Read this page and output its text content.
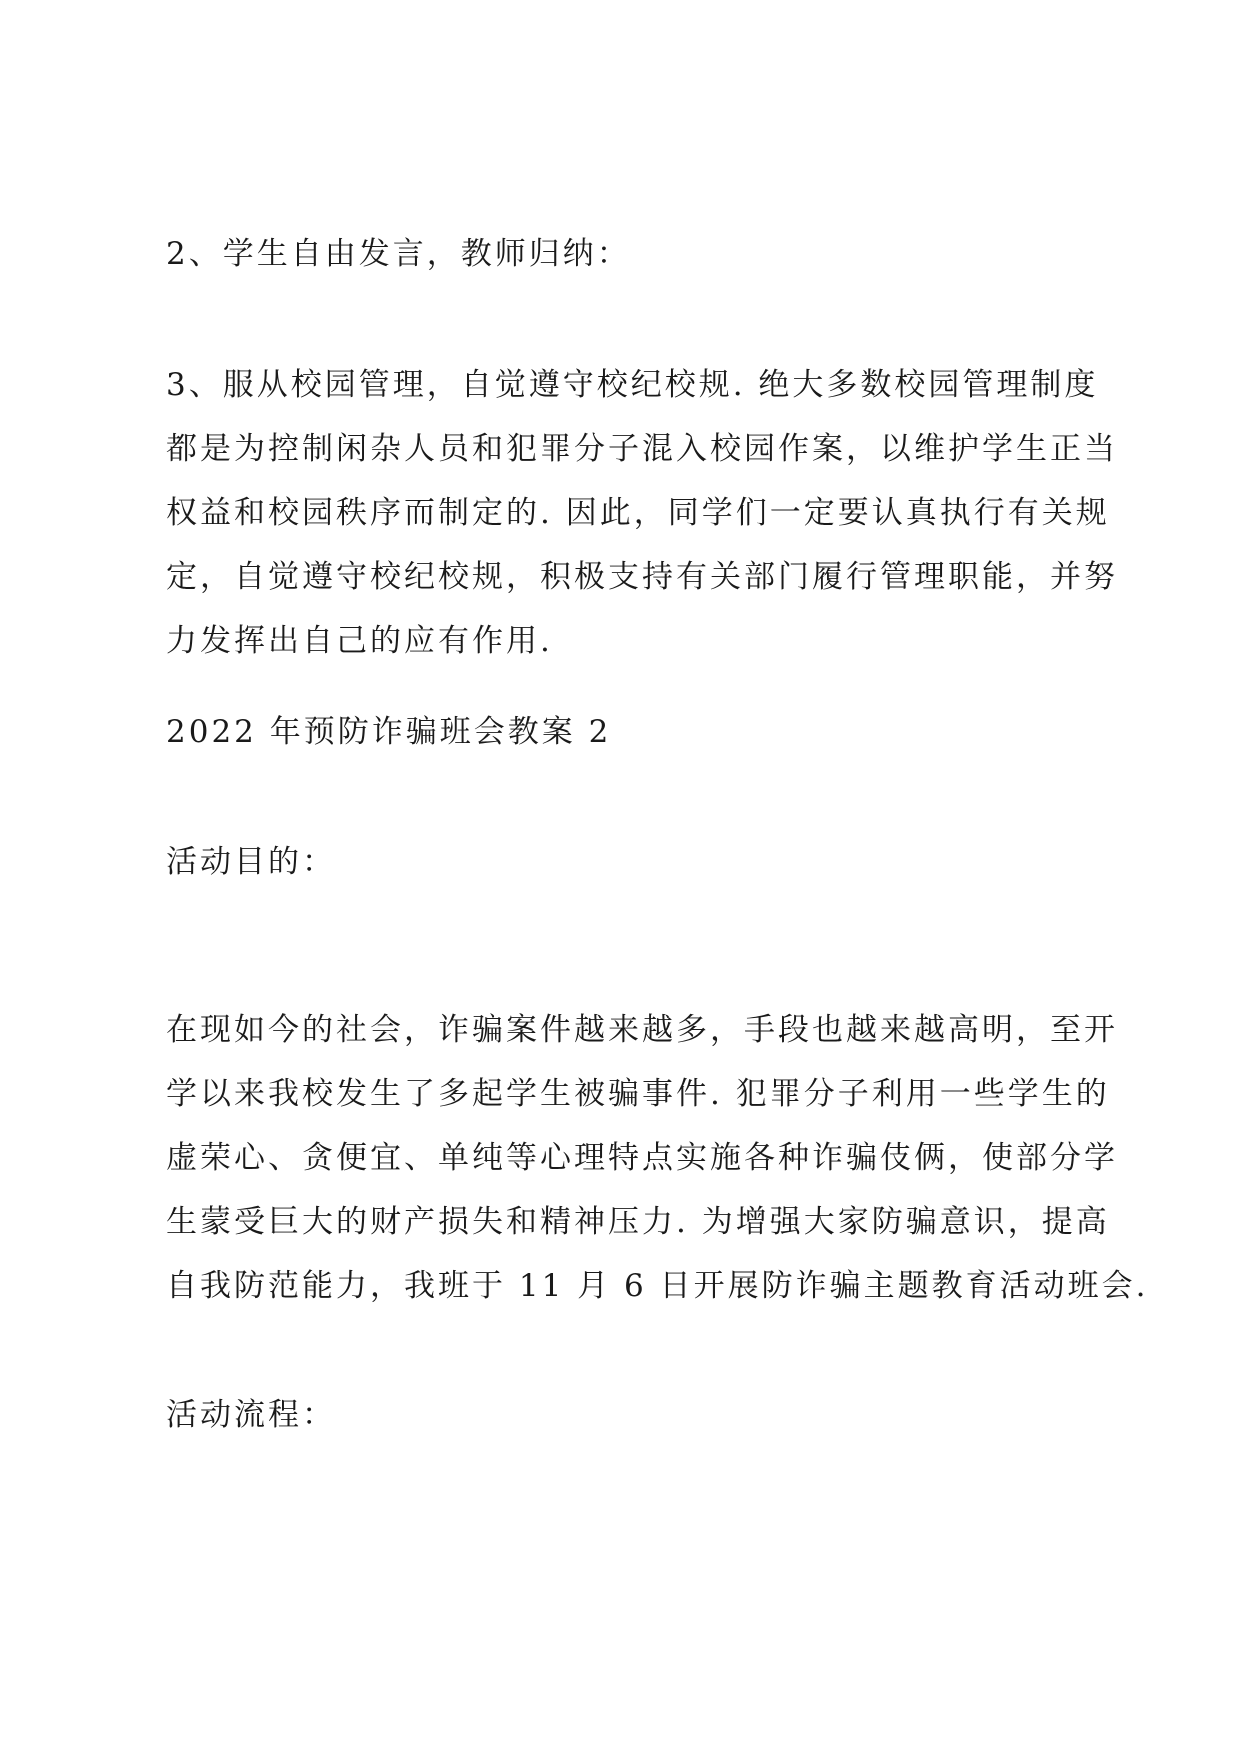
2、学生自由发言，教师归纳：

3、服从校园管理，自觉遵守校纪校规. 绝大多数校园管理制度
都是为控制闲杂人员和犯罪分子混入校园作案，以维护学生正当
权益和校园秩序而制定的. 因此，同学们一定要认真执行有关规
定，自觉遵守校纪校规，积极支持有关部门履行管理职能，并努
力发挥出自己的应有作用.

2022 年预防诈骗班会教案 2

活动目的：

在现如今的社会，诈骗案件越来越多，手段也越来越高明，至开
学以来我校发生了多起学生被骗事件. 犯罪分子利用一些学生的
虚荣心、贪便宜、单纯等心理特点实施各种诈骗伎俩，使部分学
生蒙受巨大的财产损失和精神压力. 为增强大家防骗意识，提高
自我防范能力，我班于 11 月 6 日开展防诈骗主题教育活动班会.

活动流程：
